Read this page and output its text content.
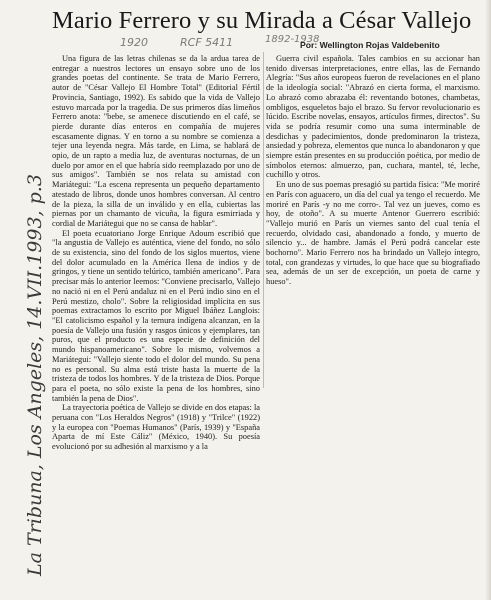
Mario Ferrero y su Mirada a César Vallejo
1920	RCF 5411	1892-1938
Por: Wellington Rojas Valdebenito
La Tribuna, Los Angeles, 14.VII.1993, p.3

Una figura de las letras chilenas se da la ardua tarea de entregar a nuestros lectores un ensayo sobre uno de los grandes poetas del continente. Se trata de Mario Ferrero, autor de "César Vallejo El Hombre Total" (Editorial Fértil Provincia, Santiago, 1992). Es sabido que la vida de Vallejo estuvo marcada por la tragedia. De sus primeros días limeños Ferrero anota: "bebe, se amenece discutiendo en el café, se pierde durante días enteros en compañía de mujeres escasamente dignas. Y en torno a su nombre se comienza a tejer una leyenda negra. Más tarde, en Lima, se hablará de opio, de un rapto a media luz, de aventuras nocturnas, de un duelo por amor en el que habría sido reemplazado por uno de sus amigos". También se nos relata su amistad con Mariátegui: "La escena representa un pequeño departamento atestado de libros, donde unos hombres conversan. Al centro de la pieza, la silla de un inválido y en ella, cubiertas las piernas por un chamanto de vicuña, la figura esmirriada y cordial de Mariátegui que no se cansa de hablar".

El poeta ecuatoriano Jorge Enrique Adoum escribió que "la angustia de Vallejo es auténtica, viene del fondo, no sólo de su existencia, sino del fondo de los siglos muertos, viene del dolor acumulado en la América llena de indios y de gringos, y tiene un sentido telúrico, también americano". Para precisar más lo anterior leemos: "Conviene precisarlo, Vallejo no nació ni en el Perú andaluz ni en el Perú indio sino en el Perú mestizo, cholo". Sobre la religiosidad implícita en sus poemas extractamos lo escrito por Miguel Ibáñez Langlois: "El catolicismo español y la ternura indígena alcanzan, en la poesía de Vallejo una fusión y rasgos únicos y ejemplares, tan puros, que el producto es una especie de definición del mundo hispanoamericano". Sobre lo mismo, volvemos a Mariátegui: "Vallejo siente todo el dolor del mundo. Su pena no es personal. Su alma está triste hasta la muerte de la tristeza de todos los hombres. Y de la tristeza de Dios. Porque para el poeta, no sólo existe la pena de los hombres, sino también la pena de Dios".

La trayectoria poética de Vallejo se divide en dos etapas: la peruana con "Los Heraldos Negros" (1918) y "Trilce" (1922) y la europea con "Poemas Humanos" (París, 1939) y "España Aparta de mí Este Cáliz" (México, 1940). Su poesía evolucionó por su adhesión al marxismo y a la

Guerra civil española. Tales cambios en su accionar han tenido diversas interpretaciones, entre ellas, las de Fernando Alegría: "Sus años europeos fueron de revelaciones en el plano de la ideología social: "Abrazó en cierta forma, el marxismo. Lo abrazó como abrazaba él: reventando botones, chambetas, ombligos, esqueletos bajo el brazo. Su fervor revolucionario es lúcido. Escribe novelas, ensayos, artículos firmes, directos". Su vida se podría resumir como una suma interminable de desdichas y padecimientos, donde predominaron la tristeza, ansiedad y pobreza, elementos que nunca lo abandonaron y que siempre están presentes en su producción poética, por medio de símbolos eternos: almuerzo, pan, cuchara, mantel, té, leche, cuchillo y otros.

En uno de sus poemas presagió su partida física: "Me moriré en París con aguacero, un día del cual ya tengo el recuerdo. Me moriré en París -y no me corro-. Tal vez un jueves, como es hoy, de otoño". A su muerte Antenor Guerrero escribió: "Vallejo murió en París un viernes santo del cual tenía el recuerdo, olvidado casi, abandonado a fondo, y muerto de silencio y... de hambre. Jamás el Perú podrá cancelar este bochorno". Mario Ferrero nos ha brindado un Vallejo íntegro, total, con grandezas y virtudes, lo que hace que su biografiado sea, además de un ser de excepción, un poeta de carne y hueso".
